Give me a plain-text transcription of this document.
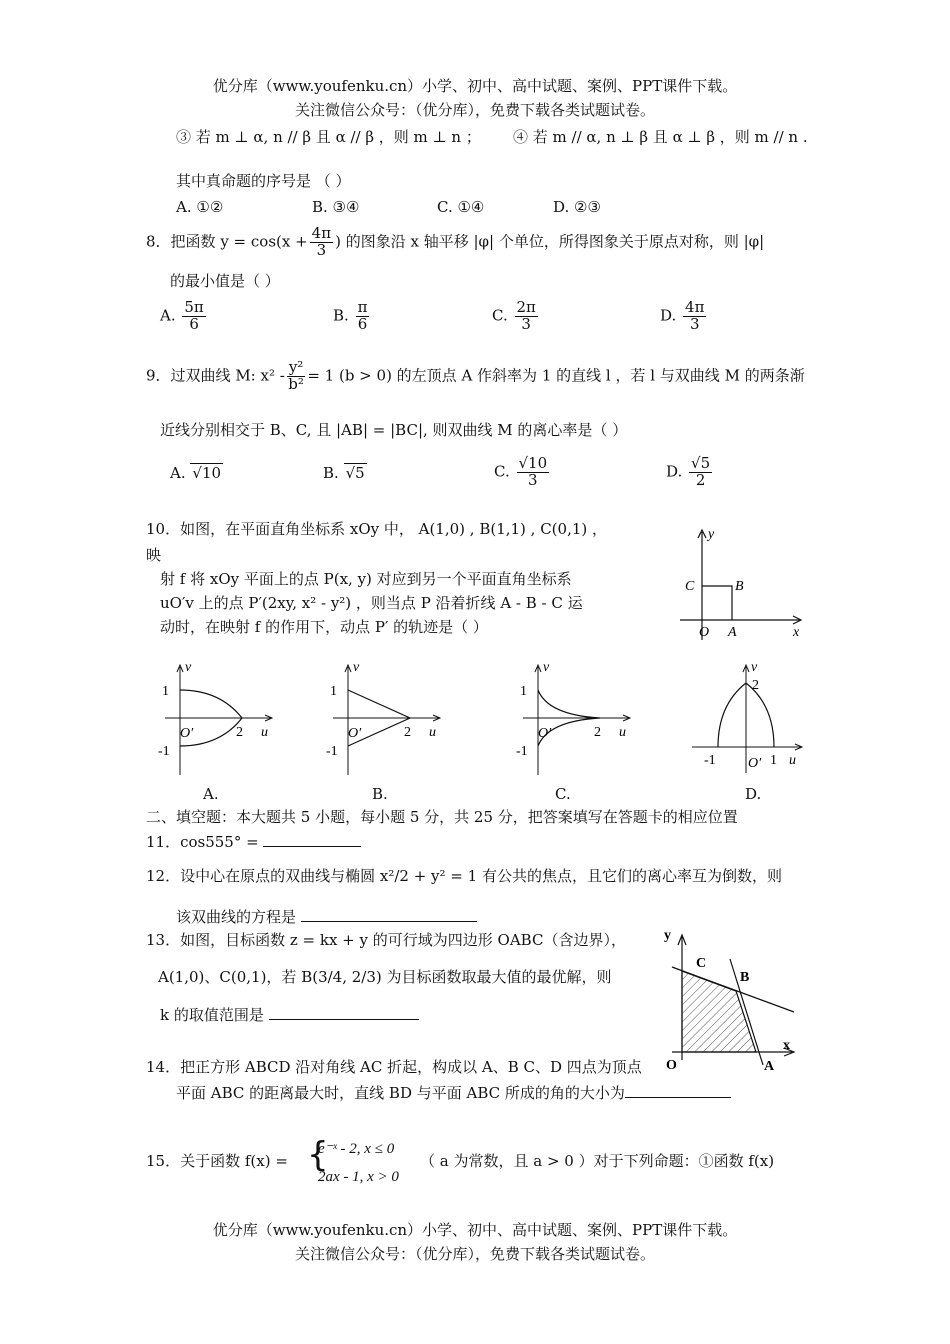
优分库（www.youfenku.cn）小学、初中、高中试题、案例、PPT课件下载。
关注微信公众号：（优分库），免费下载各类试题试卷。
③ 若 m ⊥ α, n // β 且 α // β ，则 m ⊥ n ； ④ 若 m // α, n ⊥ β 且 α ⊥ β ，则 m // n .
其中真命题的序号是 （ ）
A. ①②	B. ③④	C. ①④	D. ②③
8．把函数 $y = \cos(x + \frac{4\pi}{3}$ ) 的图象沿 x 轴平移 |φ| 个单位，所得图象关于原点对称，则 |φ|
的最小值是（ ）
A. $\frac{5\pi}{6}$	B. $\frac{\pi}{6}$	C. $\frac{2\pi}{3}$	D. $\frac{4\pi}{3}$
9．过双曲线 M: $x^2 - \frac{\text{y²}}{\text{b²}} = 1$ (b > 0) 的左顶点 A 作斜率为 1 的直线 l ，若 l 与双曲线 M 的两条渐
近线分别相交于 B、C, 且 |AB| = |BC|, 则双曲线 M 的离心率是（ ）
A. √10	B. √5	C. $\frac{√10}{3}$	D. $\frac{√5}{2}$
10．如图，在平面直角坐标系 xOy 中， A(1,0) , B(1,1) , C(0,1) ，
映
射 f 将 xOy 平面上的点 P(x, y) 对应到另一个平面直角坐标系
uO′v 上的点 P′(2xy, x² - y²) ，则当点 P 沿着折线 A - B - C 运
动时，在映射 f 的作用下，动点 P′ 的轨迹是（ ）
y
x
C	B
O A
v
1
-1
2 u
O′
v
1
-1
2 u
O′
v
1
-1
2 u
O′
v
2
-1	1 u
O′
A.	B.	C.	D.
二、填空题：本大题共 5 小题，每小题 5 分，共 25 分，把答案填写在答题卡的相应位置
11．cos555° =
12．设中心在原点的双曲线与椭圆 x²/2 + y² = 1 有公共的焦点，且它们的离心率互为倒数，则
该双曲线的方程是
13．如图，目标函数 z = kx + y 的可行域为四边形 OABC（含边界），
A(1,0)、C(0,1)，若 B(3/4, 2/3) 为目标函数取最大值的最优解，则
k 的取值范围是
y
x
C
B
O	A
14．把正方形 ABCD 沿对角线 AC 折起，构成以 A、B C、D 四点为顶点
平面 ABC 的距离最大时，直线 BD 与平面 ABC 所成的角的大小为
15．关于函数 f(x) = {
e⁻ˣ - 2, x ≤ 0
2ax - 1, x > 0
（ a 为常数，且 a > 0 ）对于下列命题：①函数 f(x)
优分库（www.youfenku.cn）小学、初中、高中试题、案例、PPT课件下载。
关注微信公众号：（优分库），免费下载各类试题试卷。
